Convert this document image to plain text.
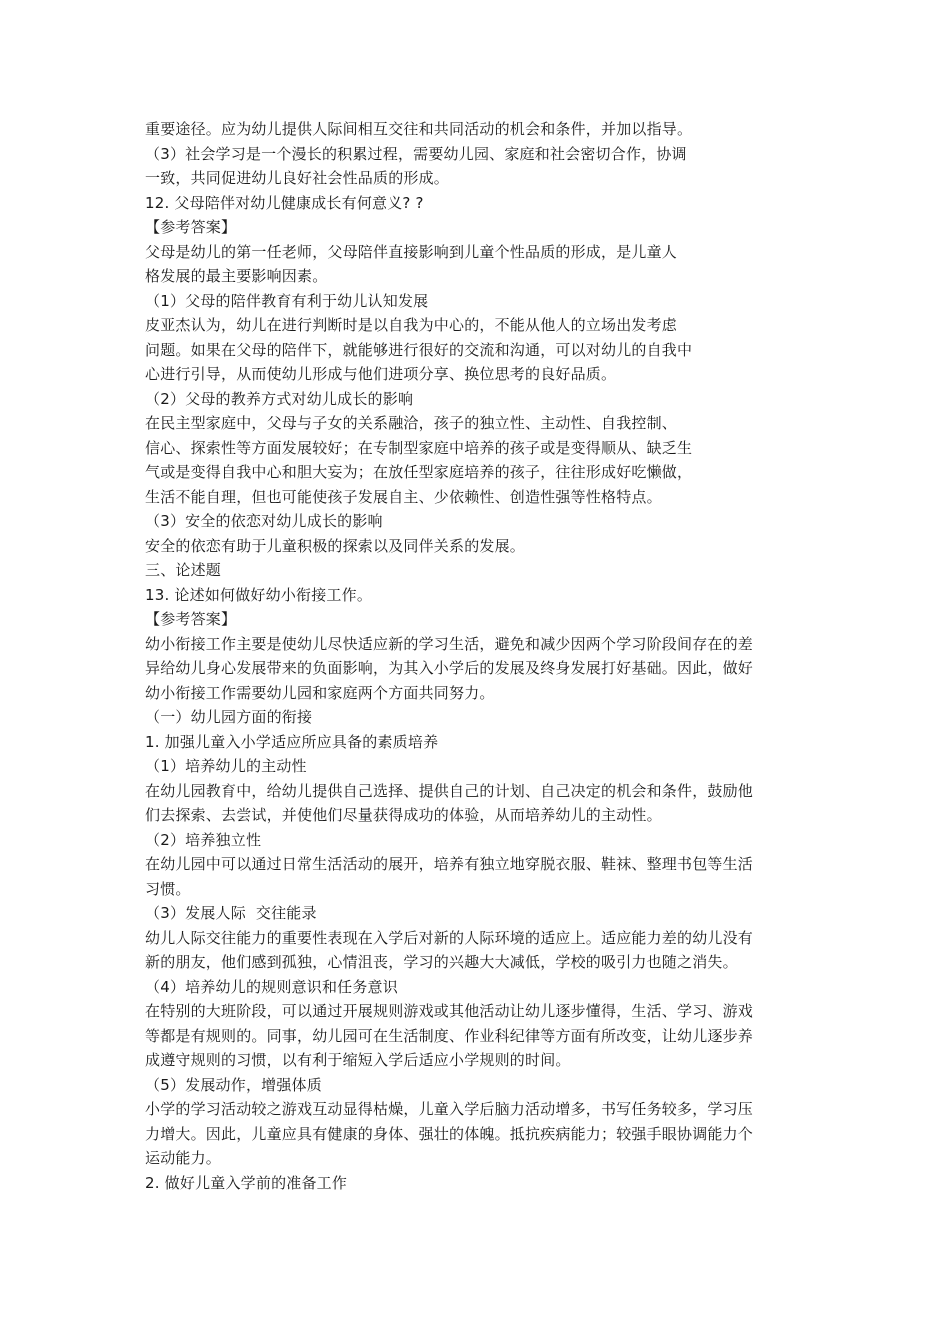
重要途径。应为幼儿提供人际间相互交往和共同活动的机会和条件，并加以指导。
（3）社会学习是一个漫长的积累过程，需要幼儿园、家庭和社会密切合作，协调
一致，共同促进幼儿良好社会性品质的形成。
12. 父母陪伴对幼儿健康成长有何意义? ?
【参考答案】
父母是幼儿的第一任老师，父母陪伴直接影响到儿童个性品质的形成，是儿童人
格发展的最主要影响因素。
（1）父母的陪伴教育有利于幼儿认知发展
皮亚杰认为，幼儿在进行判断时是以自我为中心的，不能从他人的立场出发考虑
问题。如果在父母的陪伴下，就能够进行很好的交流和沟通，可以对幼儿的自我中
心进行引导，从而使幼儿形成与他们进项分享、换位思考的良好品质。
（2）父母的教养方式对幼儿成长的影响
在民主型家庭中，父母与子女的关系融洽，孩子的独立性、主动性、自我控制、
信心、探索性等方面发展较好；在专制型家庭中培养的孩子或是变得顺从、缺乏生
气或是变得自我中心和胆大妄为；在放任型家庭培养的孩子，往往形成好吃懒做，
生活不能自理，但也可能使孩子发展自主、少依赖性、创造性强等性格特点。
（3）安全的依恋对幼儿成长的影响
安全的依恋有助于儿童积极的探索以及同伴关系的发展。
三、论述题
13. 论述如何做好幼小衔接工作。
【参考答案】
幼小衔接工作主要是使幼儿尽快适应新的学习生活，避免和减少因两个学习阶段间存在的差
异给幼儿身心发展带来的负面影响，为其入小学后的发展及终身发展打好基础。因此，做好
幼小衔接工作需要幼儿园和家庭两个方面共同努力。
（一）幼儿园方面的衔接
1. 加强儿童入小学适应所应具备的素质培养
（1）培养幼儿的主动性
在幼儿园教育中，给幼儿提供自己选择、提供自己的计划、自己决定的机会和条件，鼓励他
们去探索、去尝试，并使他们尽量获得成功的体验，从而培养幼儿的主动性。
（2）培养独立性
在幼儿园中可以通过日常生活活动的展开，培养有独立地穿脱衣服、鞋袜、整理书包等生活
习惯。
（3）发展人际  交往能录
幼儿人际交往能力的重要性表现在入学后对新的人际环境的适应上。适应能力差的幼儿没有
新的朋友，他们感到孤独，心情沮丧，学习的兴趣大大减低，学校的吸引力也随之消失。
（4）培养幼儿的规则意识和任务意识
在特别的大班阶段，可以通过开展规则游戏或其他活动让幼儿逐步懂得，生活、学习、游戏
等都是有规则的。同事，幼儿园可在生活制度、作业科纪律等方面有所改变，让幼儿逐步养
成遵守规则的习惯，以有利于缩短入学后适应小学规则的时间。
（5）发展动作，增强体质
小学的学习活动较之游戏互动显得枯燥，儿童入学后脑力活动增多，书写任务较多，学习压
力增大。因此，儿童应具有健康的身体、强壮的体魄。抵抗疾病能力；较强手眼协调能力个
运动能力。
2. 做好儿童入学前的准备工作
